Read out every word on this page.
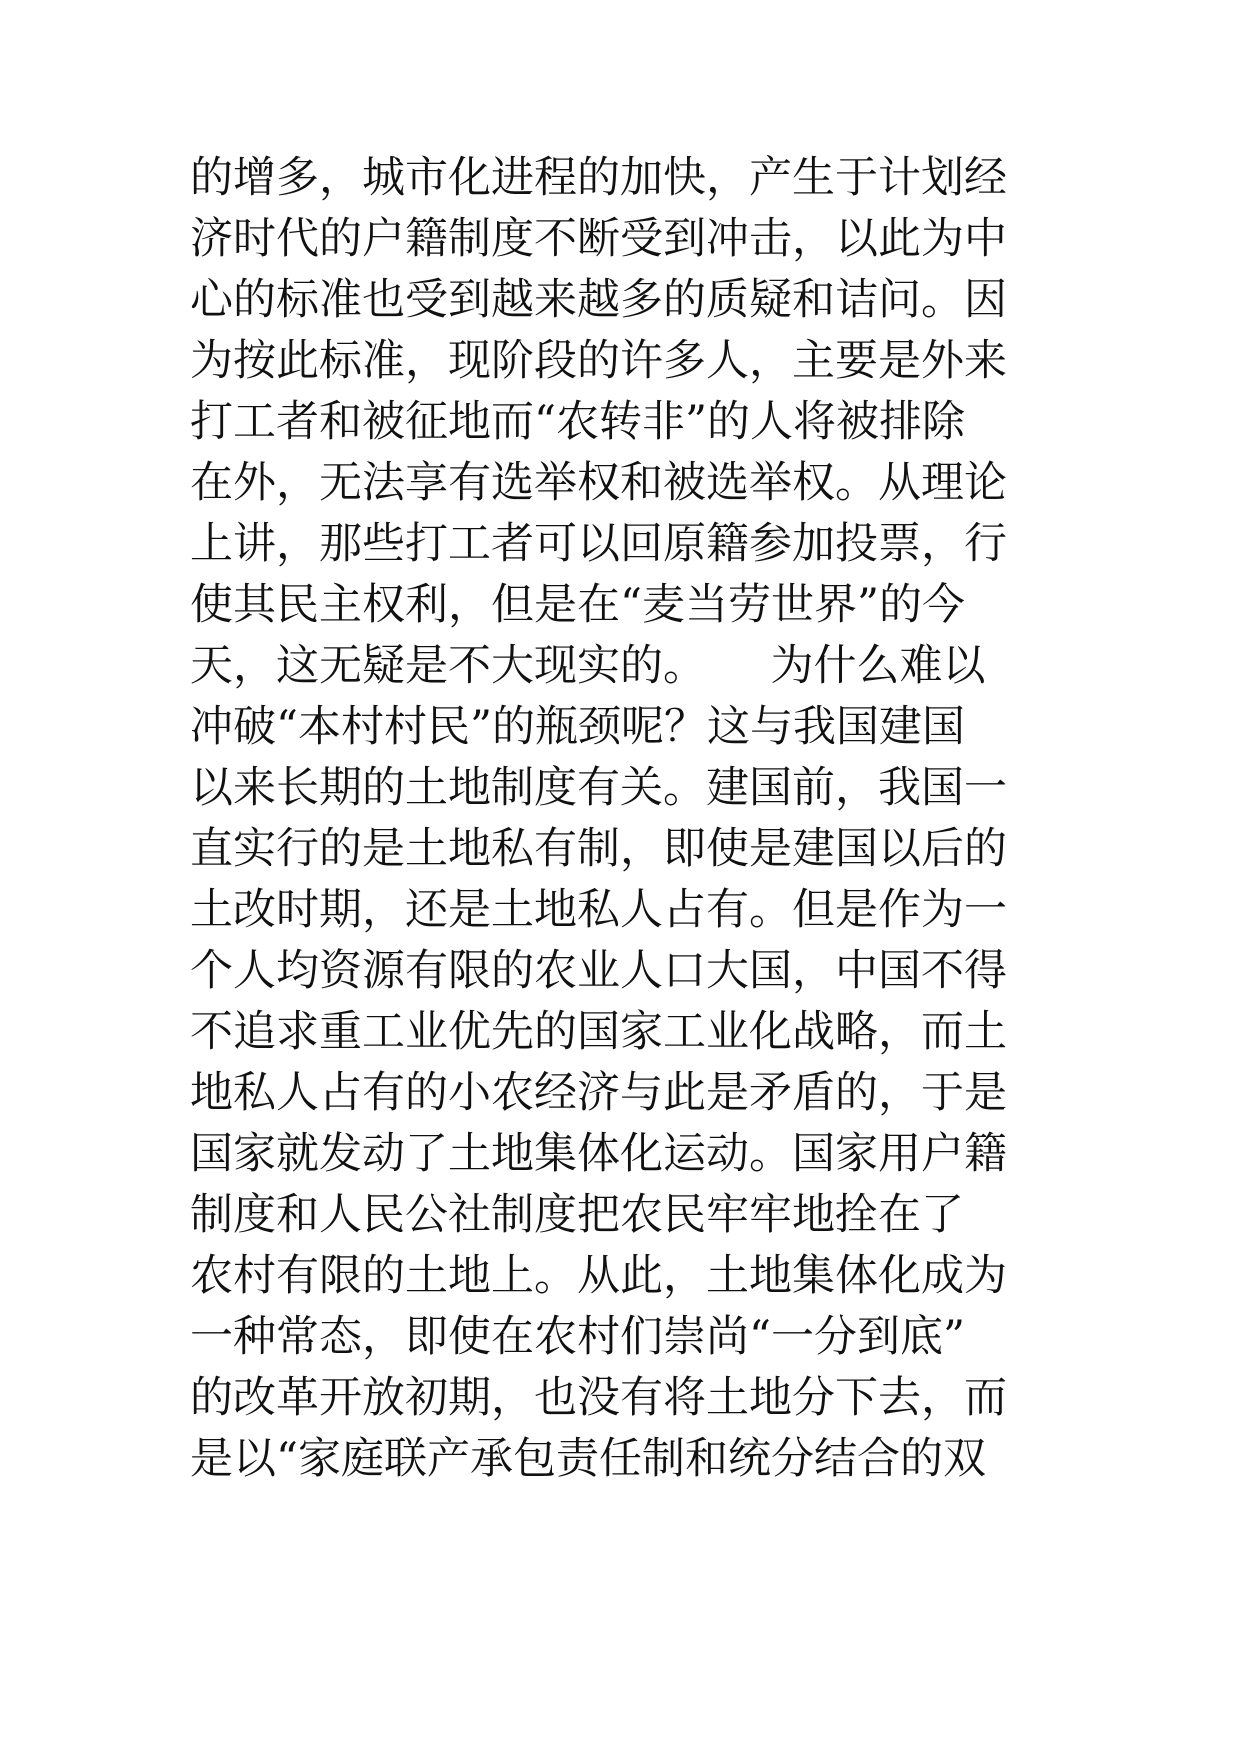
的增多，城市化进程的加快，产生于计划经
济时代的户籍制度不断受到冲击，以此为中
心的标准也受到越来越多的质疑和诘问。因
为按此标准，现阶段的许多人，主要是外来
打工者和被征地而“农转非”的人将被排除
在外，无法享有选举权和被选举权。从理论
上讲，那些打工者可以回原籍参加投票，行
使其民主权利，但是在“麦当劳世界”的今
天，这无疑是不大现实的。　　为什么难以
冲破“本村村民”的瓶颈呢？这与我国建国
以来长期的土地制度有关。建国前，我国一
直实行的是土地私有制，即使是建国以后的
土改时期，还是土地私人占有。但是作为一
个人均资源有限的农业人口大国，中国不得
不追求重工业优先的国家工业化战略，而土
地私人占有的小农经济与此是矛盾的，于是
国家就发动了土地集体化运动。国家用户籍
制度和人民公社制度把农民牢牢地拴在了
农村有限的土地上。从此，土地集体化成为
一种常态，即使在农村们崇尚“一分到底”
的改革开放初期，也没有将土地分下去，而
是以“家庭联产承包责任制和统分结合的双
